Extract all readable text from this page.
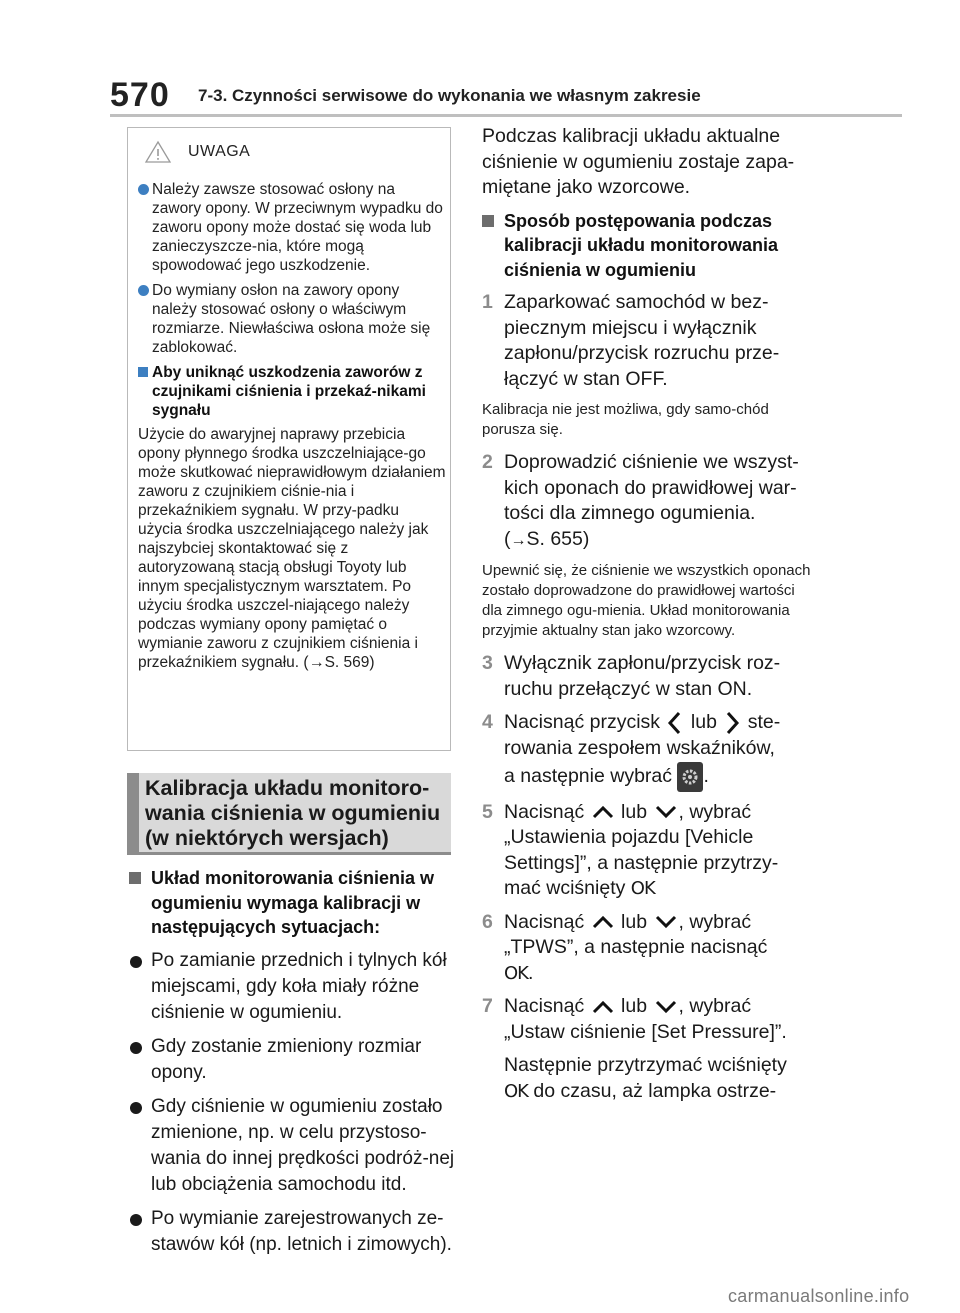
570 7-3. Czynności serwisowe do wykonania we własnym zakresie
UWAGA
Należy zawsze stosować osłony na zawory opony. W przeciwnym wypadku do zaworu opony może dostać się woda lub zanieczyszcze-nia, które mogą spowodować jego uszkodzenie.
Do wymiany osłon na zawory opony należy stosować osłony o właściwym rozmiarze. Niewłaściwa osłona może się zablokować.
Aby uniknąć uszkodzenia zaworów z czujnikami ciśnienia i przekaź-nikami sygnału
Użycie do awaryjnej naprawy przebicia opony płynnego środka uszczelniające-go może skutkować nieprawidłowym działaniem zaworu z czujnikiem ciśnie-nia i przekaźnikiem sygnału. W przy-padku użycia środka uszczelniającego należy jak najszybciej skontaktować się z autoryzowaną stacją obsługi Toyoty lub innym specjalistycznym warsztatem. Po użyciu środka uszczel-niającego należy podczas wymiany opony pamiętać o wymianie zaworu z czujnikiem ciśnienia i przekaźnikiem sygnału. (→S. 569)
Kalibracja układu monitoro-wania ciśnienia w ogumieniu (w niektórych wersjach)
Układ monitorowania ciśnienia w ogumieniu wymaga kalibracji w następujących sytuacjach:
Po zamianie przednich i tylnych kół miejscami, gdy koła miały różne ciśnienie w ogumieniu.
Gdy zostanie zmieniony rozmiar opony.
Gdy ciśnienie w ogumieniu zostało zmienione, np. w celu przystoso-wania do innej prędkości podróż-nej lub obciążenia samochodu itd.
Po wymianie zarejestrowanych ze-stawów kół (np. letnich i zimowych).
Podczas kalibracji układu aktualne ciśnienie w ogumieniu zostaje zapa-miętane jako wzorcowe.
Sposób postępowania podczas kalibracji układu monitorowania ciśnienia w ogumieniu
1 Zaparkować samochód w bez-piecznym miejscu i wyłącznik zapłonu/przycisk rozruchu prze-łączyć w stan OFF.
Kalibracja nie jest możliwa, gdy samo-chód porusza się.
2 Doprowadzić ciśnienie we wszyst-kich oponach do prawidłowej war-tości dla zimnego ogumienia.
(→S. 655)
Upewnić się, że ciśnienie we wszystkich oponach zostało doprowadzone do prawidłowej wartości dla zimnego ogu-mienia. Układ monitorowania przyjmie aktualny stan jako wzorcowy.
3 Wyłącznik zapłonu/przycisk roz-ruchu przełączyć w stan ON.
4 Nacisnąć przycisk lub ste-rowania zespołem wskaźników,
a następnie wybrać .
5 Nacisnąć lub , wybrać „Ustawienia pojazdu [Vehicle Settings]”, a następnie przytrzy-mać wciśnięty OK
6 Nacisnąć lub , wybrać „TPWS”, a następnie nacisnąć
OK.
7 Nacisnąć lub , wybrać „Ustaw ciśnienie [Set Pressure]”.
Następnie przytrzymać wciśnięty
OK do czasu, aż lampka ostrze-
carmanualsonline.info
